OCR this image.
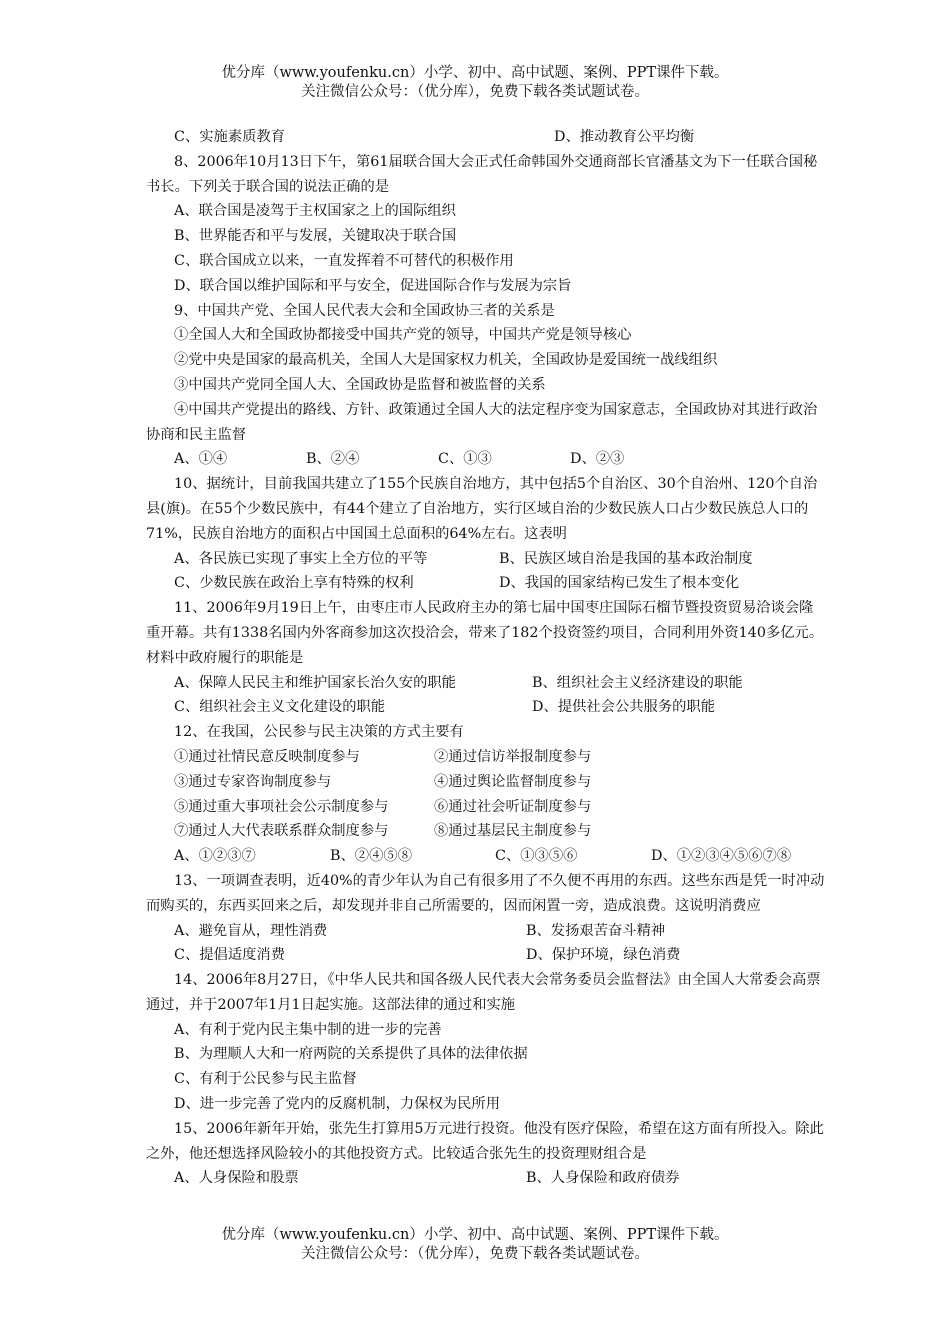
优分库（www.youfenku.cn）小学、初中、高中试题、案例、PPT课件下载。
关注微信公众号：（优分库），免费下载各类试题试卷。
C、实施素质教育	D、推动教育公平均衡
8、2006年10月13日下午，第61届联合国大会正式任命韩国外交通商部长官潘基文为下一任联合国秘书长。下列关于联合国的说法正确的是
A、联合国是凌驾于主权国家之上的国际组织
B、世界能否和平与发展，关键取决于联合国
C、联合国成立以来，一直发挥着不可替代的积极作用
D、联合国以维护国际和平与安全，促进国际合作与发展为宗旨
9、中国共产党、全国人民代表大会和全国政协三者的关系是
①全国人大和全国政协都接受中国共产党的领导，中国共产党是领导核心
②党中央是国家的最高机关，全国人大是国家权力机关，全国政协是爱国统一战线组织
③中国共产党同全国人大、全国政协是监督和被监督的关系
④中国共产党提出的路线、方针、政策通过全国人大的法定程序变为国家意志，全国政协对其进行政治协商和民主监督
A、①④	B、②④	C、①③	D、②③
10、据统计，目前我国共建立了155个民族自治地方，其中包括5个自治区、30个自治州、120个自治县(旗)。在55个少数民族中，有44个建立了自治地方，实行区域自治的少数民族人口占少数民族总人口的71%，民族自治地方的面积占中国国土总面积的64%左右。这表明
A、各民族已实现了事实上全方位的平等	B、民族区域自治是我国的基本政治制度
C、少数民族在政治上享有特殊的权利	D、我国的国家结构已发生了根本变化
11、2006年9月19日上午，由枣庄市人民政府主办的第七届中国枣庄国际石榴节暨投资贸易洽谈会隆重开幕。共有1338名国内外客商参加这次投洽会，带来了182个投资签约项目，合同利用外资140多亿元。材料中政府履行的职能是
A、保障人民民主和维护国家长治久安的职能	B、组织社会主义经济建设的职能
C、组织社会主义文化建设的职能	D、提供社会公共服务的职能
12、在我国，公民参与民主决策的方式主要有
①通过社情民意反映制度参与	②通过信访举报制度参与
③通过专家咨询制度参与	④通过舆论监督制度参与
⑤通过重大事项社会公示制度参与	⑥通过社会听证制度参与
⑦通过人大代表联系群众制度参与	⑧通过基层民主制度参与
A、①②③⑦	B、②④⑤⑧	C、①③⑤⑥	D、①②③④⑤⑥⑦⑧
13、一项调查表明，近40%的青少年认为自己有很多用了不久便不再用的东西。这些东西是凭一时冲动而购买的，东西买回来之后，却发现并非自己所需要的，因而闲置一旁，造成浪费。这说明消费应
A、避免盲从，理性消费	B、发扬艰苦奋斗精神
C、提倡适度消费	D、保护环境，绿色消费
14、2006年8月27日，《中华人民共和国各级人民代表大会常务委员会监督法》由全国人大常委会高票通过，并于2007年1月1日起实施。这部法律的通过和实施
A、有利于党内民主集中制的进一步的完善
B、为理顺人大和一府两院的关系提供了具体的法律依据
C、有利于公民参与民主监督
D、进一步完善了党内的反腐机制，力保权为民所用
15、2006年新年开始，张先生打算用5万元进行投资。他没有医疗保险，希望在这方面有所投入。除此之外，他还想选择风险较小的其他投资方式。比较适合张先生的投资理财组合是
A、人身保险和股票	B、人身保险和政府债券
优分库（www.youfenku.cn）小学、初中、高中试题、案例、PPT课件下载。
关注微信公众号：（优分库），免费下载各类试题试卷。
